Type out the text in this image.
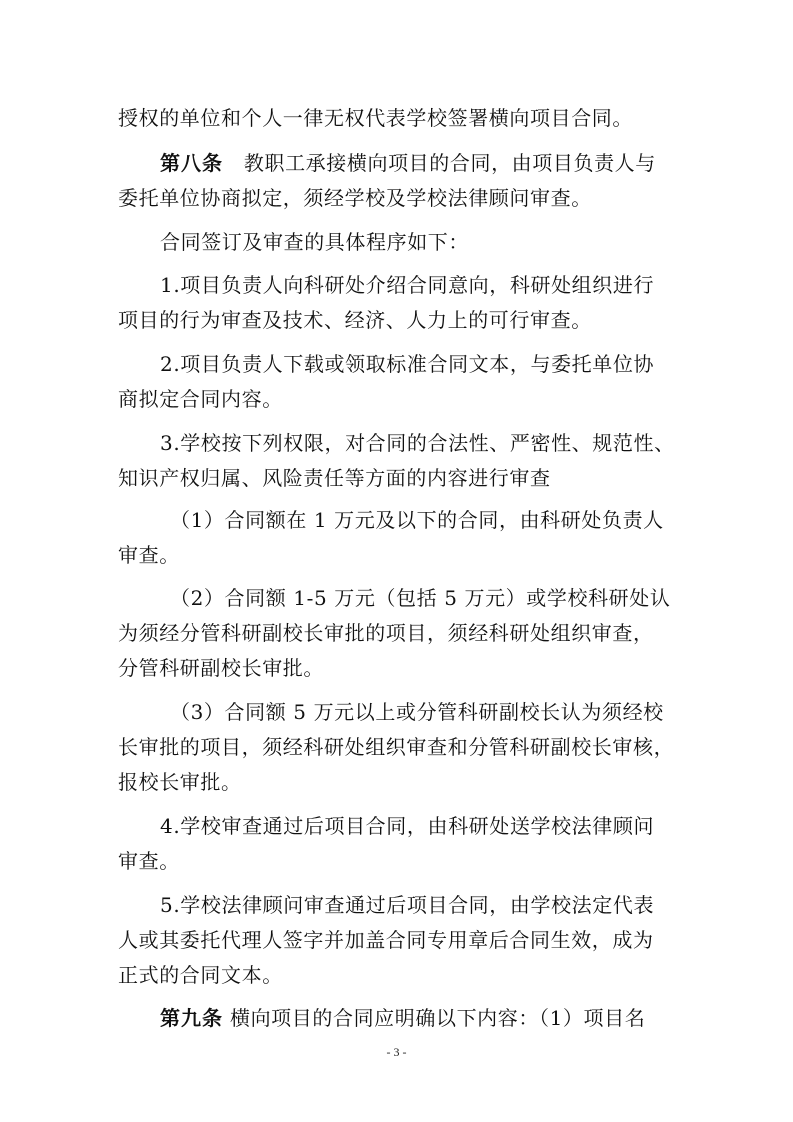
授权的单位和个人一律无权代表学校签署横向项目合同。
第八条 教职工承接横向项目的合同，由项目负责人与
委托单位协商拟定，须经学校及学校法律顾问审查。
合同签订及审查的具体程序如下：
1.项目负责人向科研处介绍合同意向，科研处组织进行
项目的行为审查及技术、经济、人力上的可行审查。
2.项目负责人下载或领取标准合同文本，与委托单位协
商拟定合同内容。
3.学校按下列权限，对合同的合法性、严密性、规范性、
知识产权归属、风险责任等方面的内容进行审查
（1）合同额在 1 万元及以下的合同，由科研处负责人
审查。
（2）合同额 1-5 万元（包括 5 万元）或学校科研处认
为须经分管科研副校长审批的项目，须经科研处组织审查，
分管科研副校长审批。
（3）合同额 5 万元以上或分管科研副校长认为须经校
长审批的项目，须经科研处组织审查和分管科研副校长审核，
报校长审批。
4.学校审查通过后项目合同，由科研处送学校法律顾问
审查。
5.学校法律顾问审查通过后项目合同，由学校法定代表
人或其委托代理人签字并加盖合同专用章后合同生效，成为
正式的合同文本。
第九条 横向项目的合同应明确以下内容：（1）项目名
- 3 -
